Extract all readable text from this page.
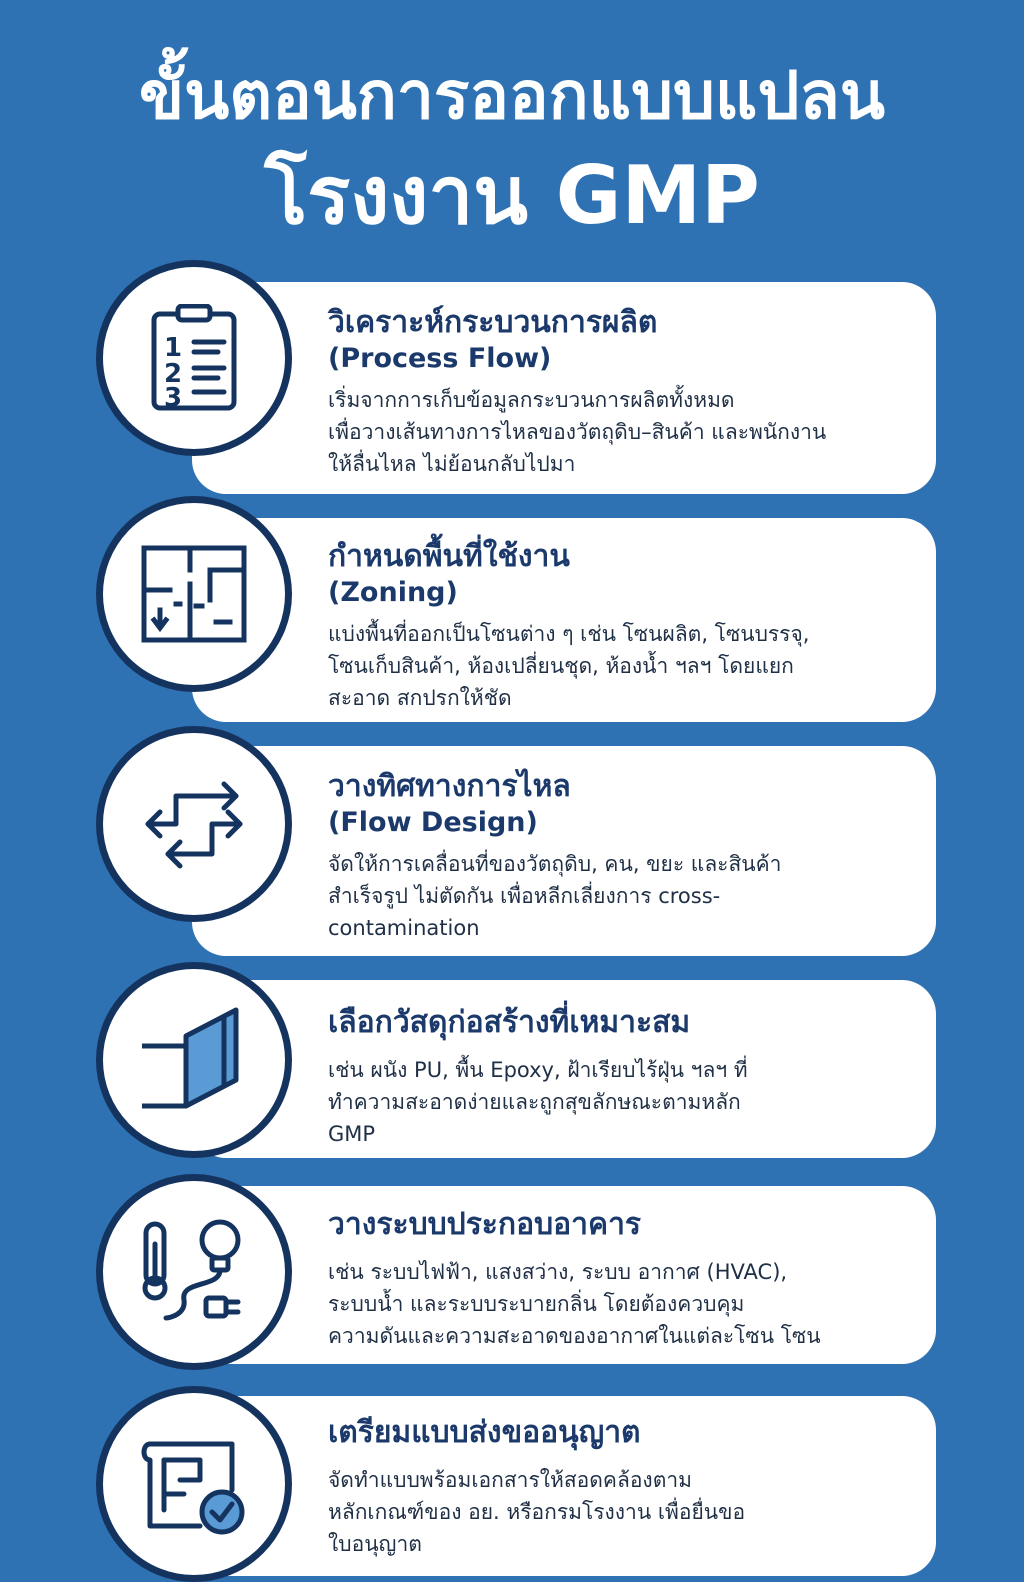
ขั้นตอนการออกแบบแปลน
โรงงาน GMP

วิเคราะห์กระบวนการผลิต

(Process Flow)

เริ่มจากการเก็บข้อมูลกระบวนการผลิตทั้งหมด
เพื่อวางเส้นทางการไหลของวัตถุดิบ–สินค้า และพนักงาน
ให้ลื่นไหล ไม่ย้อนกลับไปมา

1
2
3

กำหนดพื้นที่ใช้งาน

(Zoning)

แบ่งพื้นที่ออกเป็นโซนต่าง ๆ เช่น โซนผลิต, โซนบรรจุ,
โซนเก็บสินค้า, ห้องเปลี่ยนชุด, ห้องน้ำ ฯลฯ โดยแยก
สะอาด สกปรกให้ชัด

วางทิศทางการไหล

(Flow Design)

จัดให้การเคลื่อนที่ของวัตถุดิบ, คน, ขยะ และสินค้า
สำเร็จรูป ไม่ตัดกัน เพื่อหลีกเลี่ยงการ cross-
contamination

เลือกวัสดุก่อสร้างที่เหมาะสม

เช่น ผนัง PU, พื้น Epoxy, ฝ้าเรียบไร้ฝุ่น ฯลฯ ที่
ทำความสะอาดง่ายและถูกสุขลักษณะตามหลัก
GMP

วางระบบประกอบอาคาร

เช่น ระบบไฟฟ้า, แสงสว่าง, ระบบ อากาศ (HVAC),
ระบบน้ำ และระบบระบายกลิ่น โดยต้องควบคุม
ความดันและความสะอาดของอากาศในแต่ละโซน โซน

เตรียมแบบส่งขออนุญาต

จัดทำแบบพร้อมเอกสารให้สอดคล้องตาม
หลักเกณฑ์ของ อย. หรือกรมโรงงาน เพื่อยื่นขอ
ใบอนุญาต
